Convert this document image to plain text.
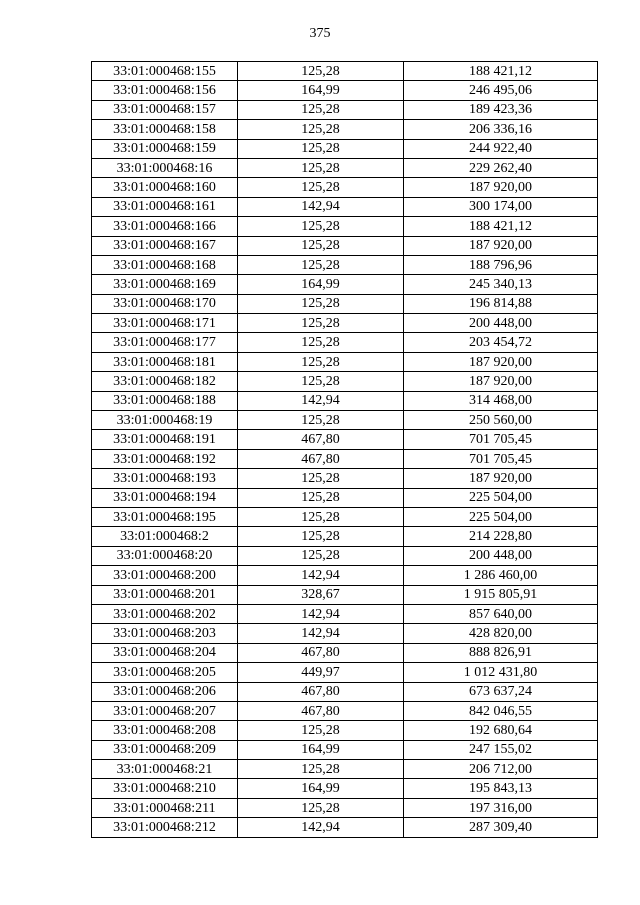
375
33:01:000468:155	125,28	188 421,12
33:01:000468:156	164,99	246 495,06
33:01:000468:157	125,28	189 423,36
33:01:000468:158	125,28	206 336,16
33:01:000468:159	125,28	244 922,40
33:01:000468:16	125,28	229 262,40
33:01:000468:160	125,28	187 920,00
33:01:000468:161	142,94	300 174,00
33:01:000468:166	125,28	188 421,12
33:01:000468:167	125,28	187 920,00
33:01:000468:168	125,28	188 796,96
33:01:000468:169	164,99	245 340,13
33:01:000468:170	125,28	196 814,88
33:01:000468:171	125,28	200 448,00
33:01:000468:177	125,28	203 454,72
33:01:000468:181	125,28	187 920,00
33:01:000468:182	125,28	187 920,00
33:01:000468:188	142,94	314 468,00
33:01:000468:19	125,28	250 560,00
33:01:000468:191	467,80	701 705,45
33:01:000468:192	467,80	701 705,45
33:01:000468:193	125,28	187 920,00
33:01:000468:194	125,28	225 504,00
33:01:000468:195	125,28	225 504,00
33:01:000468:2	125,28	214 228,80
33:01:000468:20	125,28	200 448,00
33:01:000468:200	142,94	1 286 460,00
33:01:000468:201	328,67	1 915 805,91
33:01:000468:202	142,94	857 640,00
33:01:000468:203	142,94	428 820,00
33:01:000468:204	467,80	888 826,91
33:01:000468:205	449,97	1 012 431,80
33:01:000468:206	467,80	673 637,24
33:01:000468:207	467,80	842 046,55
33:01:000468:208	125,28	192 680,64
33:01:000468:209	164,99	247 155,02
33:01:000468:21	125,28	206 712,00
33:01:000468:210	164,99	195 843,13
33:01:000468:211	125,28	197 316,00
33:01:000468:212	142,94	287 309,40
